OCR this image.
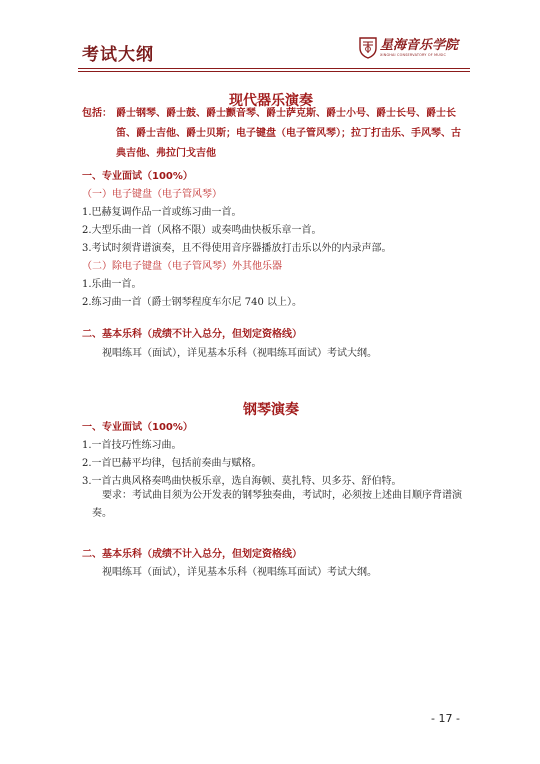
考试大纲	星海音乐学院
XINGHAI CONSERVATORY OF MUSIC
现代器乐演奏
包括： 爵士钢琴、爵士鼓、爵士颤音琴、爵士萨克斯、爵士小号、爵士长号、爵士长笛、爵士吉他、爵士贝斯；电子键盘（电子管风琴）；拉丁打击乐、手风琴、古典吉他、弗拉门戈吉他
一、专业面试（100%）
（一）电子键盘（电子管风琴）
1.巴赫复调作品一首或练习曲一首。
2.大型乐曲一首（风格不限）或奏鸣曲快板乐章一首。
3.考试时须背谱演奏，且不得使用音序器播放打击乐以外的内录声部。
（二）除电子键盘（电子管风琴）外其他乐器
1.乐曲一首。
2.练习曲一首（爵士钢琴程度车尔尼 740 以上）。
二、基本乐科（成绩不计入总分，但划定资格线）
视唱练耳（面试），详见基本乐科（视唱练耳面试）考试大纲。
钢琴演奏
一、专业面试（100%）
1.一首技巧性练习曲。
2.一首巴赫平均律，包括前奏曲与赋格。
3.一首古典风格奏鸣曲快板乐章，选自海顿、莫扎特、贝多芬、舒伯特。
要求：考试曲目须为公开发表的钢琴独奏曲，考试时，必须按上述曲目顺序背谱演奏。
二、基本乐科（成绩不计入总分，但划定资格线）
视唱练耳（面试），详见基本乐科（视唱练耳面试）考试大纲。
- 17 -
